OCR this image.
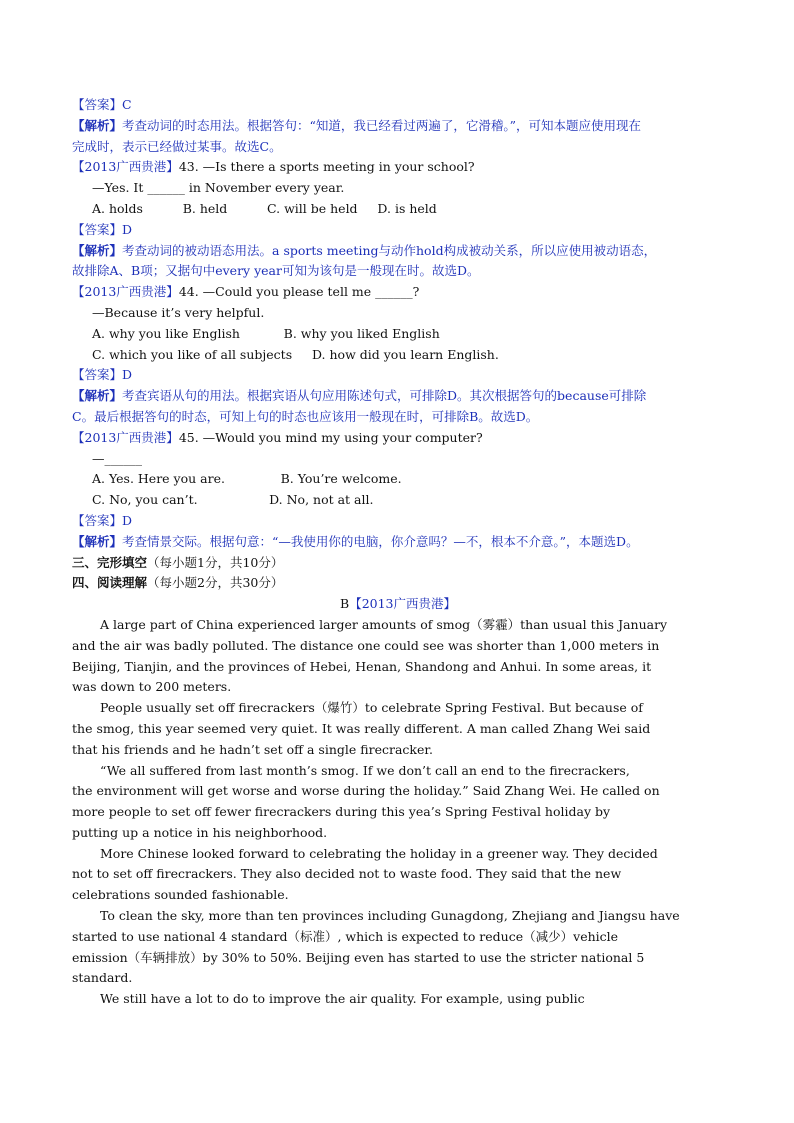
【答案】C
【解析】考查动词的时态用法。根据答句：“知道，我已经看过两遍了，它滑稽。”，可知本题应使用现在
完成时，表示已经做过某事。故选C。
【2013广西贵港】43. —Is there a sports meeting in your school?
—Yes. It ______ in November every year.
A. holds          B. held          C. will be held     D. is held
【答案】D
【解析】考查动词的被动语态用法。a sports meeting与动作hold构成被动关系，所以应使用被动语态，
故排除A、B项；又据句中every year可知为该句是一般现在时。故选D。
【2013广西贵港】44. —Could you please tell me ______?
—Because it’s very helpful.
A. why you like English           B. why you liked English
C. which you like of all subjects     D. how did you learn English.
【答案】D
【解析】考查宾语从句的用法。根据宾语从句应用陈述句式，可排除D。其次根据答句的because可排除
C。最后根据答句的时态，可知上句的时态也应该用一般现在时，可排除B。故选D。
【2013广西贵港】45. —Would you mind my using your computer?
—______
A. Yes. Here you are.              B. You’re welcome.
C. No, you can’t.                  D. No, not at all.
【答案】D
【解析】考查情景交际。根据句意：“—我使用你的电脑，你介意吗？—不，根本不介意。”，本题选D。
三、完形填空（每小题1分，共10分）
四、阅读理解（每小题2分，共30分）
B【2013广西贵港】
A large part of China experienced larger amounts of smog（雾霾）than usual this January
and the air was badly polluted. The distance one could see was shorter than 1,000 meters in
Beijing, Tianjin, and the provinces of Hebei, Henan, Shandong and Anhui. In some areas, it
was down to 200 meters.
People usually set off firecrackers（爆竹）to celebrate Spring Festival. But because of
the smog, this year seemed very quiet. It was really different. A man called Zhang Wei said
that his friends and he hadn’t set off a single firecracker.
“We all suffered from last month’s smog. If we don’t call an end to the firecrackers,
the environment will get worse and worse during the holiday.” Said Zhang Wei. He called on
more people to set off fewer firecrackers during this yea’s Spring Festival holiday by
putting up a notice in his neighborhood.
More Chinese looked forward to celebrating the holiday in a greener way. They decided
not to set off firecrackers. They also decided not to waste food. They said that the new
celebrations sounded fashionable.
To clean the sky, more than ten provinces including Gunagdong, Zhejiang and Jiangsu have
started to use national 4 standard（标准）, which is expected to reduce（减少）vehicle
emission（车辆排放）by 30% to 50%. Beijing even has started to use the stricter national 5
standard.
We still have a lot to do to improve the air quality. For example, using public
